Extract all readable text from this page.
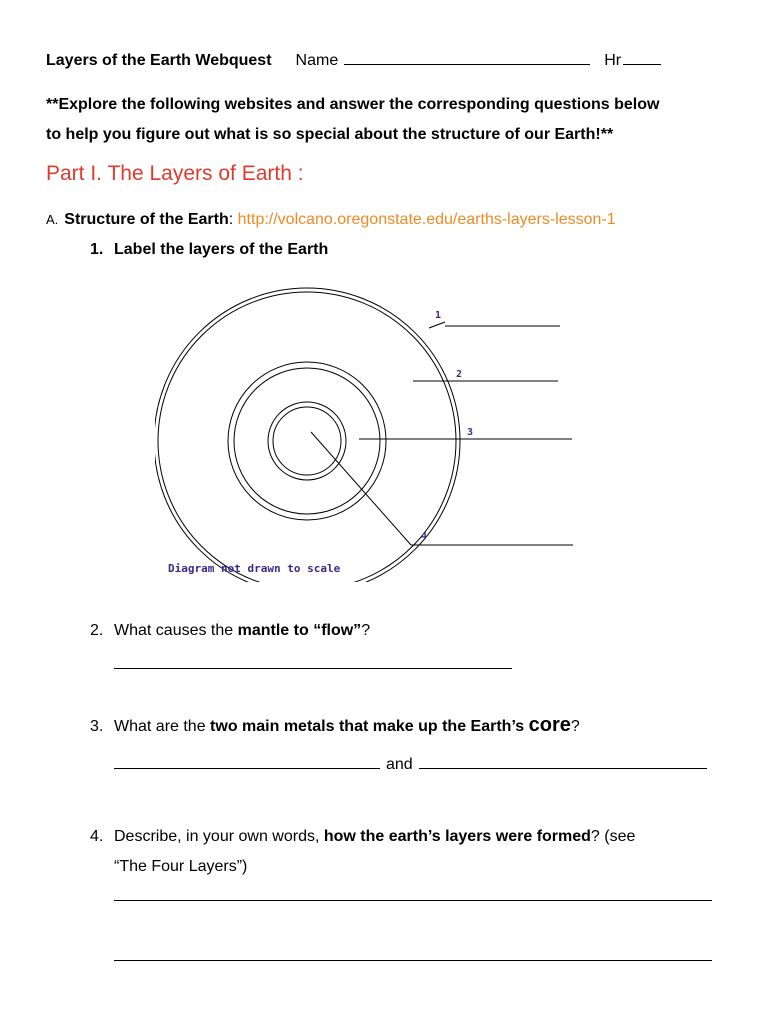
Layers of the Earth Webquest Name	Hr
**Explore the following websites and answer the corresponding questions below
to help you figure out what is so special about the structure of our Earth!**
Part I. The Layers of Earth :
A. Structure of the Earth: http://volcano.oregonstate.edu/earths-layers-lesson-1
1. Label the layers of the Earth
1
2
3
4
Diagram not drawn to scale
2. What causes the mantle to “flow”?
3. What are the two main metals that make up the Earth’s core?
and
4. Describe, in your own words, how the earth’s layers were formed? (see
“The Four Layers”)
